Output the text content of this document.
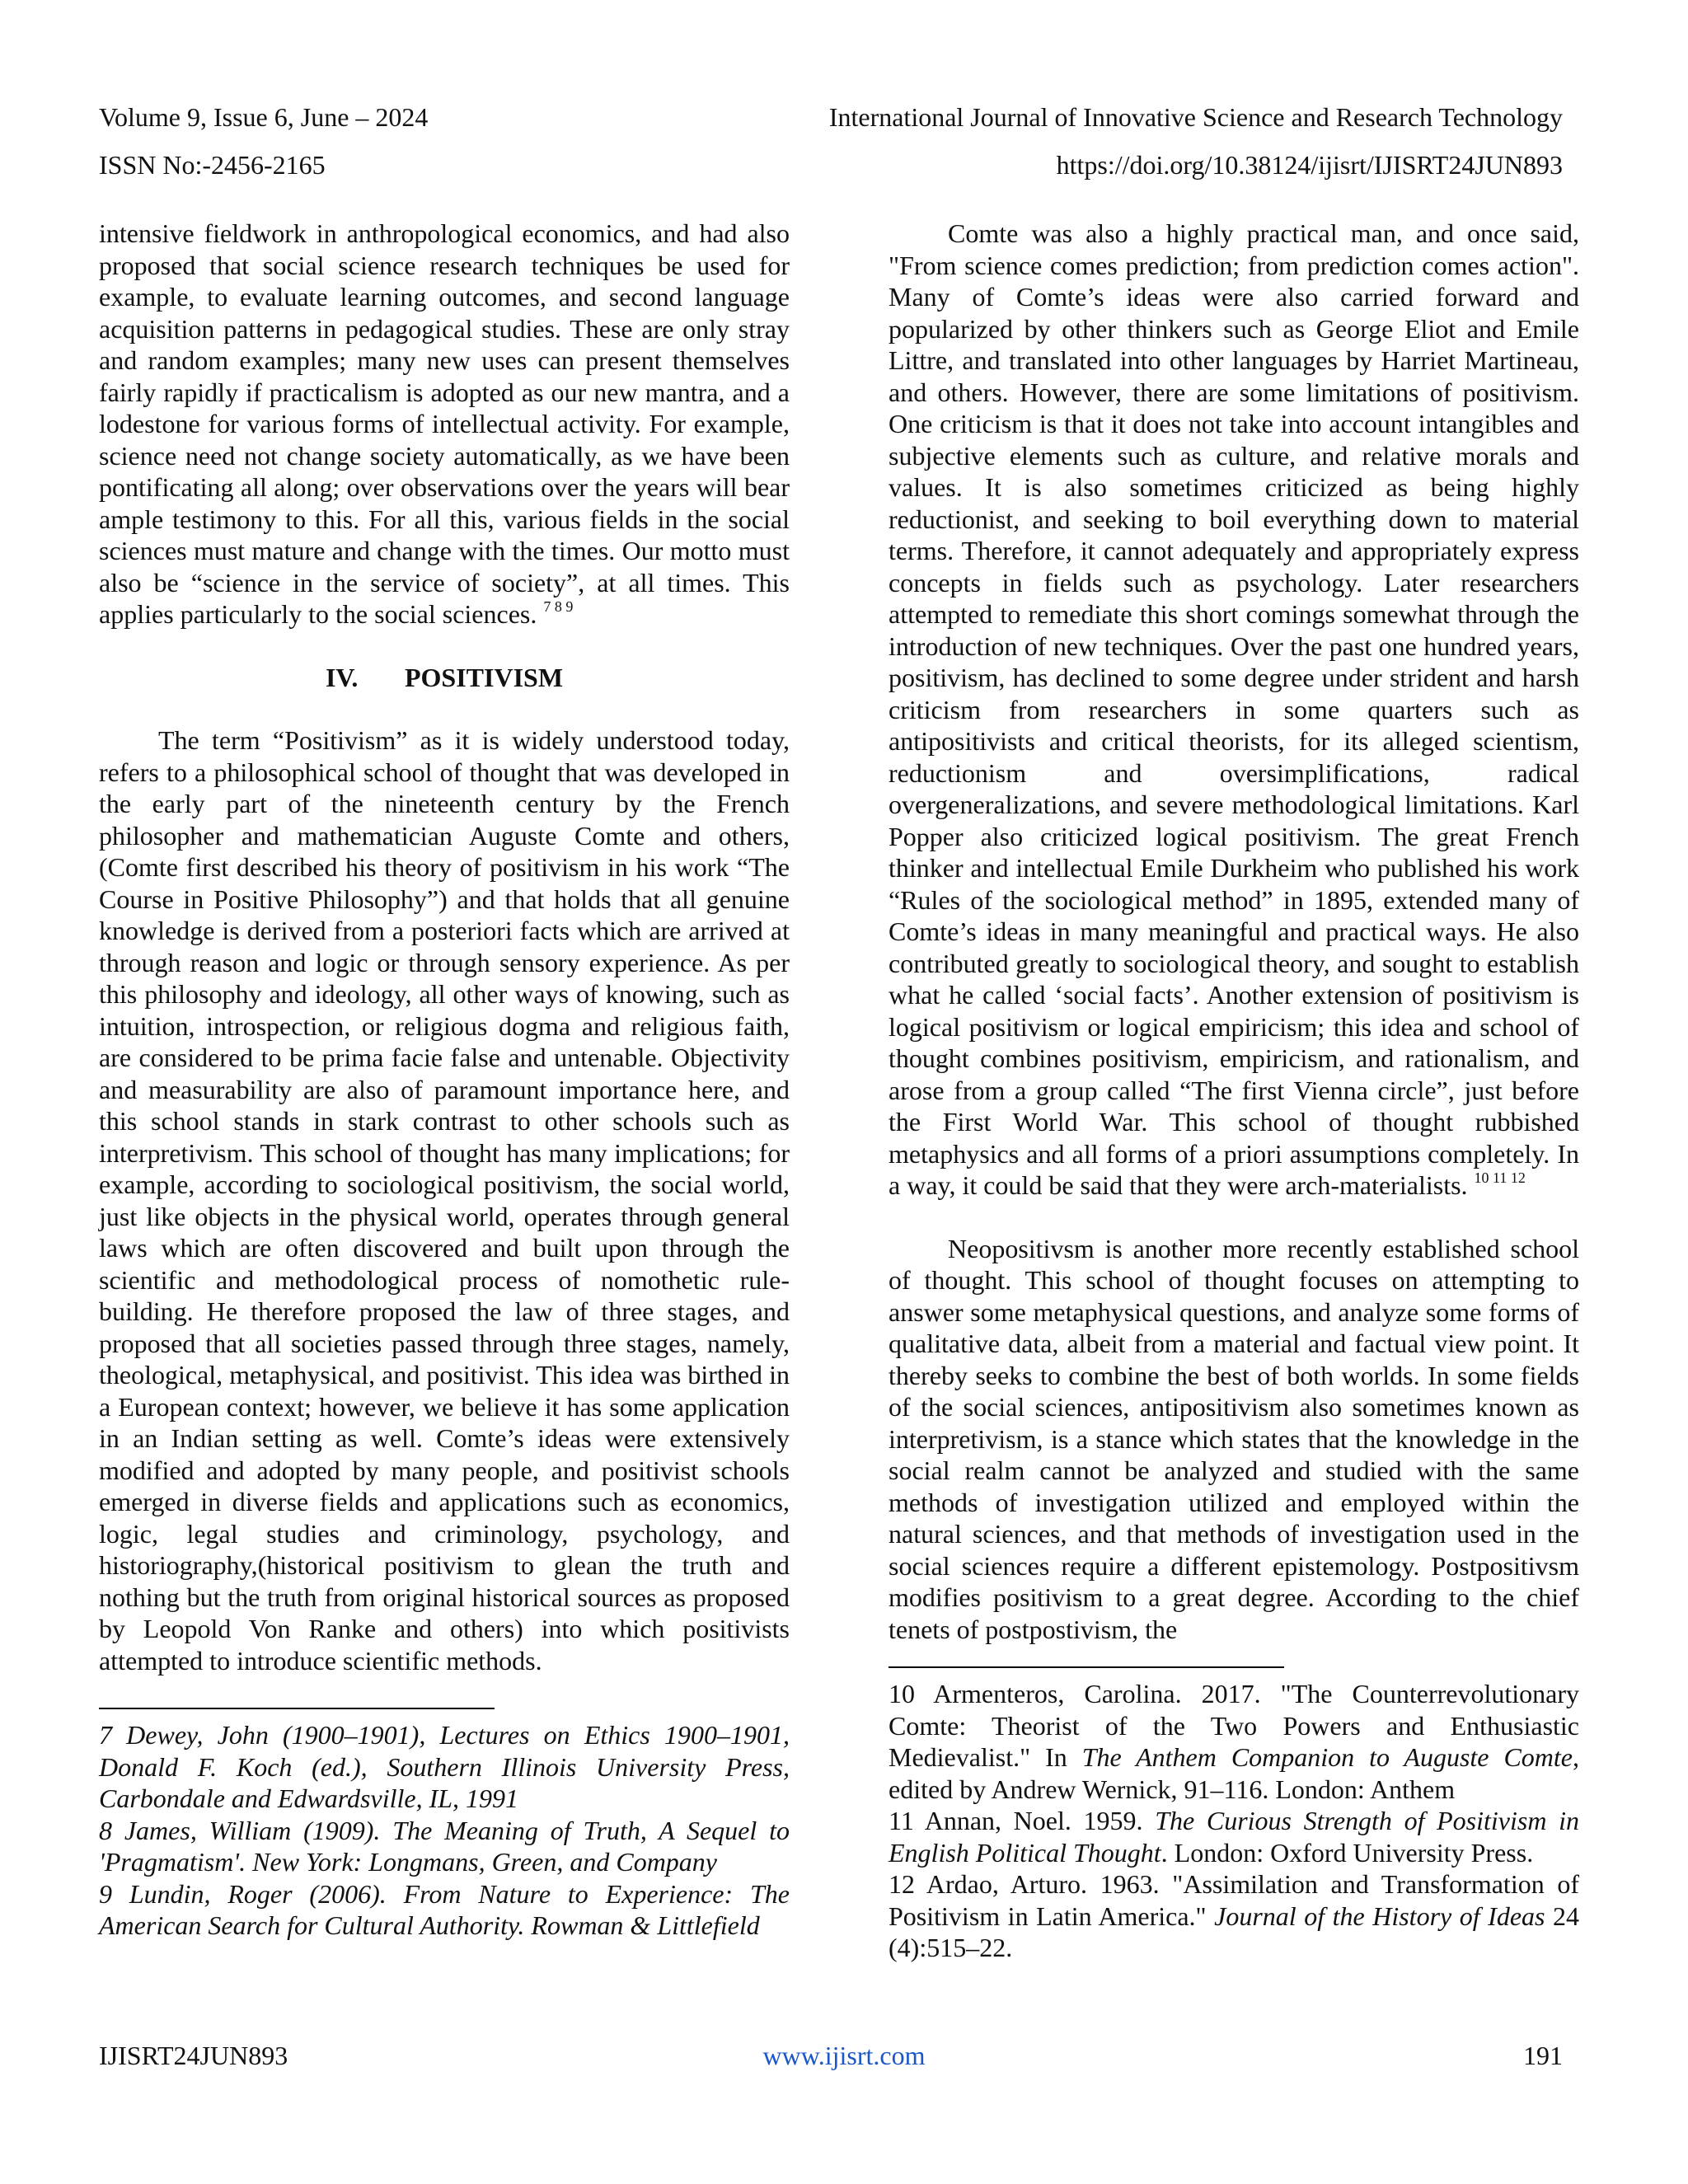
Volume 9, Issue 6, June – 2024	International Journal of Innovative Science and Research Technology
ISSN No:-2456-2165	https://doi.org/10.38124/ijisrt/IJISRT24JUN893

intensive fieldwork in anthropological economics, and had also proposed that social science research techniques be used for example, to evaluate learning outcomes, and second language acquisition patterns in pedagogical studies. These are only stray and random examples; many new uses can present themselves fairly rapidly if practicalism is adopted as our new mantra, and a lodestone for various forms of intellectual activity. For example, science need not change society automatically, as we have been pontificating all along; over observations over the years will bear ample testimony to this. For all this, various fields in the social sciences must mature and change with the times. Our motto must also be “science in the service of society”, at all times. This applies particularly to the social sciences. $^{7 8 9}$

IV. POSITIVISM

The term “Positivism” as it is widely understood today, refers to a philosophical school of thought that was developed in the early part of the nineteenth century by the French philosopher and mathematician Auguste Comte and others, (Comte first described his theory of positivism in his work “The Course in Positive Philosophy”) and that holds that all genuine knowledge is derived from a posteriori facts which are arrived at through reason and logic or through sensory experience. As per this philosophy and ideology, all other ways of knowing, such as intuition, introspection, or religious dogma and religious faith, are considered to be prima facie false and untenable. Objectivity and measurability are also of paramount importance here, and this school stands in stark contrast to other schools such as interpretivism. This school of thought has many implications; for example, according to sociological positivism, the social world, just like objects in the physical world, operates through general laws which are often discovered and built upon through the scientific and methodological process of nomothetic rule-building. He therefore proposed the law of three stages, and proposed that all societies passed through three stages, namely, theological, metaphysical, and positivist. This idea was birthed in a European context; however, we believe it has some application in an Indian setting as well. Comte’s ideas were extensively modified and adopted by many people, and positivist schools emerged in diverse fields and applications such as economics, logic, legal studies and criminology, psychology, and historiography,(historical positivism to glean the truth and nothing but the truth from original historical sources as proposed by Leopold Von Ranke and others) into which positivists attempted to introduce scientific methods.

7 Dewey, John (1900–1901), Lectures on Ethics 1900–1901, Donald F. Koch (ed.), Southern Illinois University Press, Carbondale and Edwardsville, IL, 1991

8 James, William (1909). The Meaning of Truth, A Sequel to 'Pragmatism'. New York: Longmans, Green, and Company

9 Lundin, Roger (2006). From Nature to Experience: The American Search for Cultural Authority. Rowman & Littlefield

Comte was also a highly practical man, and once said, "From science comes prediction; from prediction comes action". Many of Comte’s ideas were also carried forward and popularized by other thinkers such as George Eliot and Emile Littre, and translated into other languages by Harriet Martineau, and others. However, there are some limitations of positivism. One criticism is that it does not take into account intangibles and subjective elements such as culture, and relative morals and values. It is also sometimes criticized as being highly reductionist, and seeking to boil everything down to material terms. Therefore, it cannot adequately and appropriately express concepts in fields such as psychology. Later researchers attempted to remediate this short comings somewhat through the introduction of new techniques. Over the past one hundred years, positivism, has declined to some degree under strident and harsh criticism from researchers in some quarters such as antipositivists and critical theorists, for its alleged scientism, reductionism and oversimplifications, radical overgeneralizations, and severe methodological limitations. Karl Popper also criticized logical positivism. The great French thinker and intellectual Emile Durkheim who published his work “Rules of the sociological method” in 1895, extended many of Comte’s ideas in many meaningful and practical ways. He also contributed greatly to sociological theory, and sought to establish what he called ‘social facts’. Another extension of positivism is logical positivism or logical empiricism; this idea and school of thought combines positivism, empiricism, and rationalism, and arose from a group called “The first Vienna circle”, just before the First World War. This school of thought rubbished metaphysics and all forms of a priori assumptions completely. In a way, it could be said that they were arch-materialists. $^{10 11 12}$

Neopositivsm is another more recently established school of thought. This school of thought focuses on attempting to answer some metaphysical questions, and analyze some forms of qualitative data, albeit from a material and factual view point. It thereby seeks to combine the best of both worlds. In some fields of the social sciences, antipositivism also sometimes known as interpretivism, is a stance which states that the knowledge in the social realm cannot be analyzed and studied with the same methods of investigation utilized and employed within the natural sciences, and that methods of investigation used in the social sciences require a different epistemology. Postpositivsm modifies positivism to a great degree. According to the chief tenets of postpostivism, the

10 Armenteros, Carolina. 2017. "The Counterrevolutionary Comte: Theorist of the Two Powers and Enthusiastic Medievalist." In The Anthem Companion to Auguste Comte, edited by Andrew Wernick, 91–116. London: Anthem

11 Annan, Noel. 1959. The Curious Strength of Positivism in English Political Thought. London: Oxford University Press.

12 Ardao, Arturo. 1963. "Assimilation and Transformation of Positivism in Latin America." Journal of the History of Ideas 24 (4):515–22.

IJISRT24JUN893	www.ijisrt.com	191
